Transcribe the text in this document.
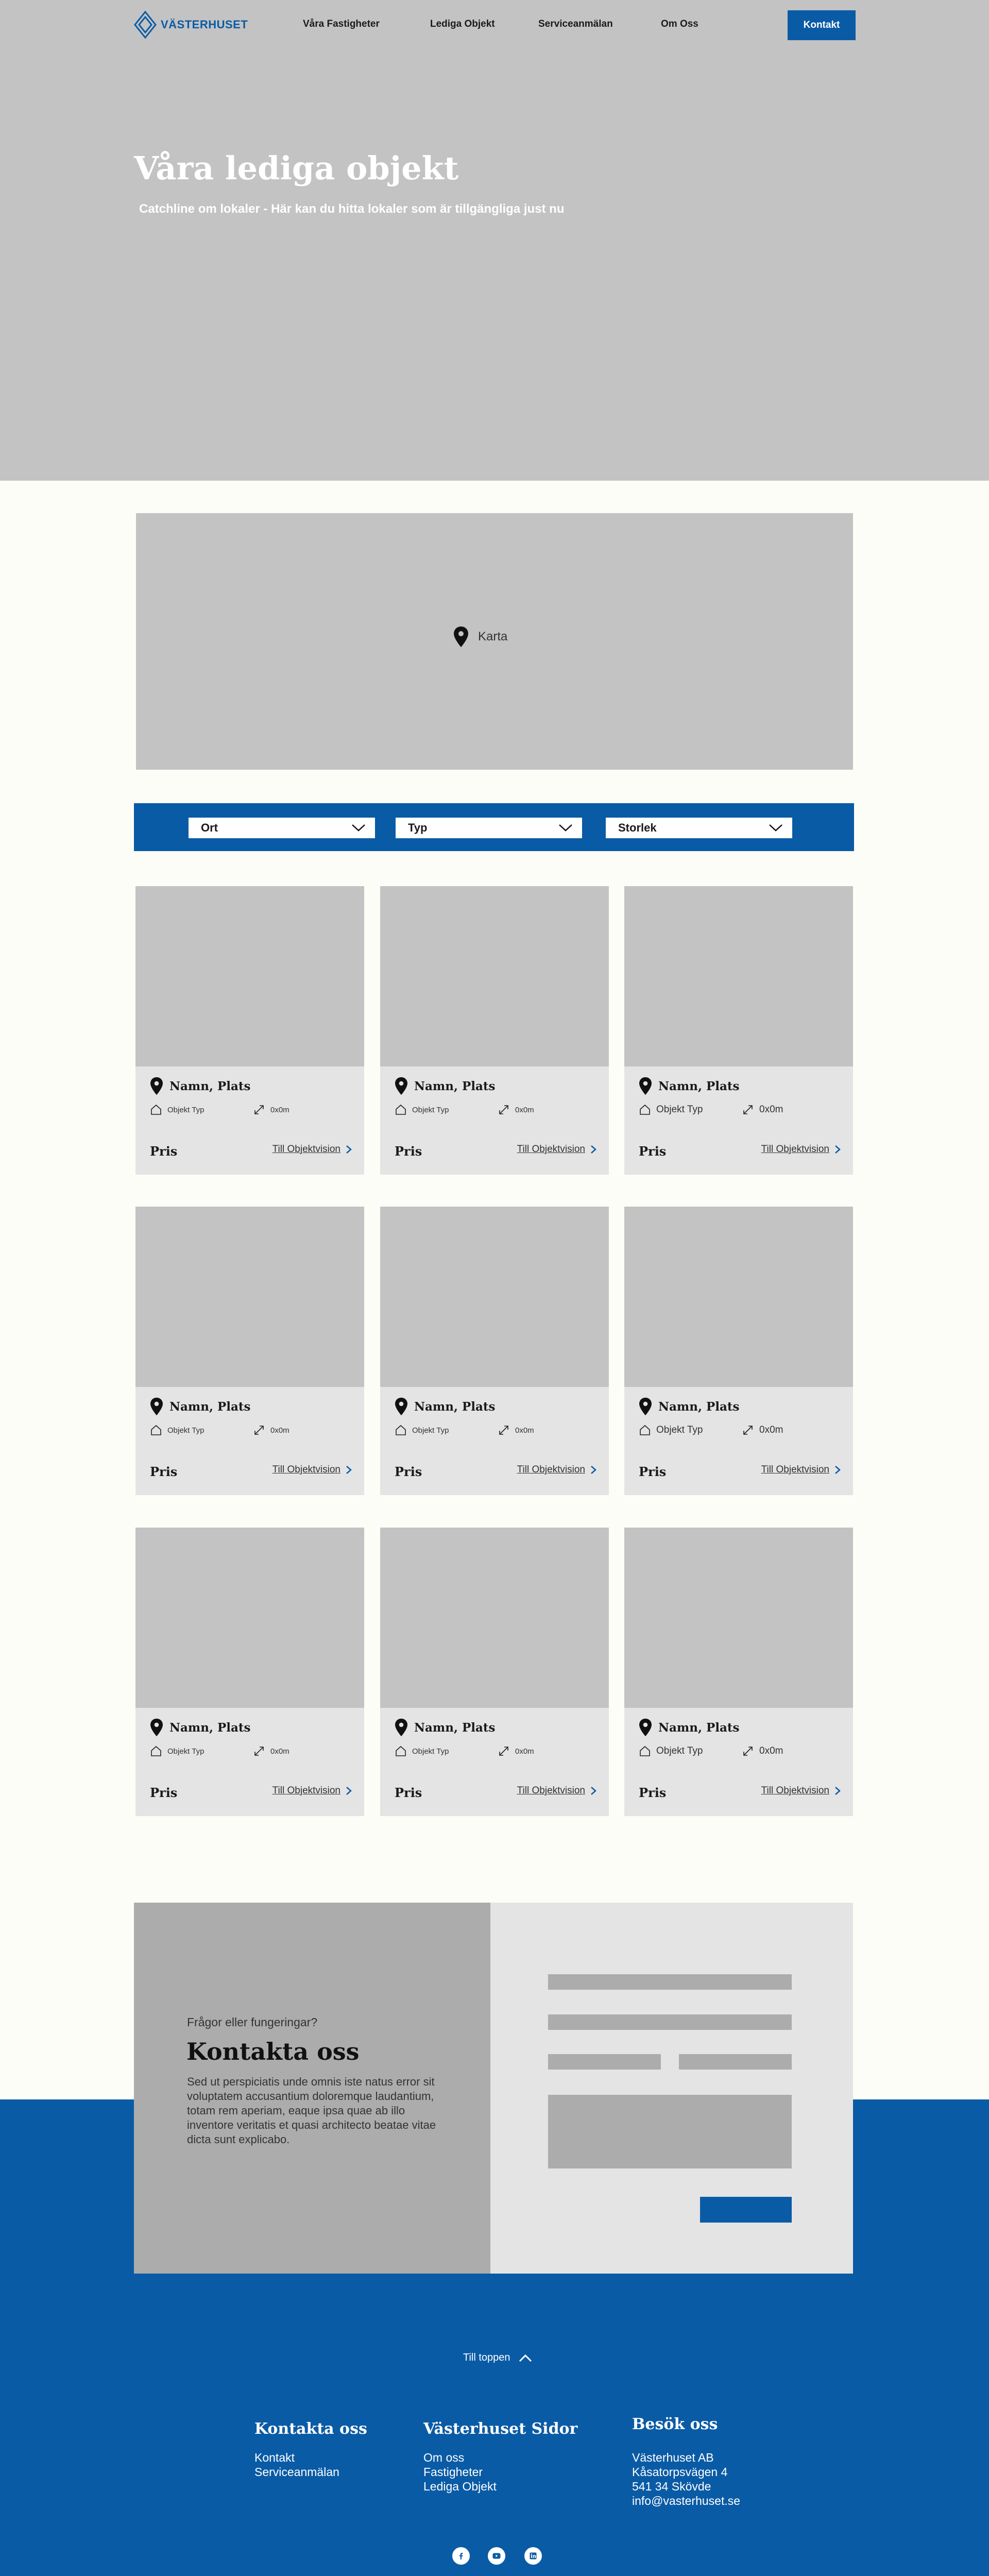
Våra lediga objekt
Catchline om lokaler - Här kan du hitta lokaler som är tillgängliga just nu
VÄSTERHUSET	Våra Fastigheter	Lediga Objekt	Serviceanmälan	Om Oss	Kontakt
Karta
Ort	Typ	Storlek
Namn, Plats
Objekt Typ	0x0m
Pris	Till Objektvision
Namn, Plats
Objekt Typ	0x0m
Pris	Till Objektvision
Namn, Plats
Objekt Typ	0x0m
Pris	Till Objektvision
Namn, Plats
Objekt Typ	0x0m
Pris	Till Objektvision
Namn, Plats
Objekt Typ	0x0m
Pris	Till Objektvision
Namn, Plats
Objekt Typ	0x0m
Pris	Till Objektvision
Namn, Plats
Objekt Typ	0x0m
Pris	Till Objektvision
Namn, Plats
Objekt Typ	0x0m
Pris	Till Objektvision
Namn, Plats
Objekt Typ	0x0m
Pris	Till Objektvision
Frågor eller fungeringar?
Kontakta oss
Sed ut perspiciatis unde omnis iste natus error sit voluptatem accusantium doloremque laudantium, totam rem aperiam, eaque ipsa quae ab illo inventore veritatis et quasi architecto beatae vitae dicta sunt explicabo.
Till toppen
Kontakta oss
Kontakt
Serviceanmälan
Västerhuset Sidor
Om oss
Fastigheter
Lediga Objekt
Besök oss
Västerhuset AB
Kåsatorpsvägen 4
541 34 Skövde
info@vasterhuset.se
